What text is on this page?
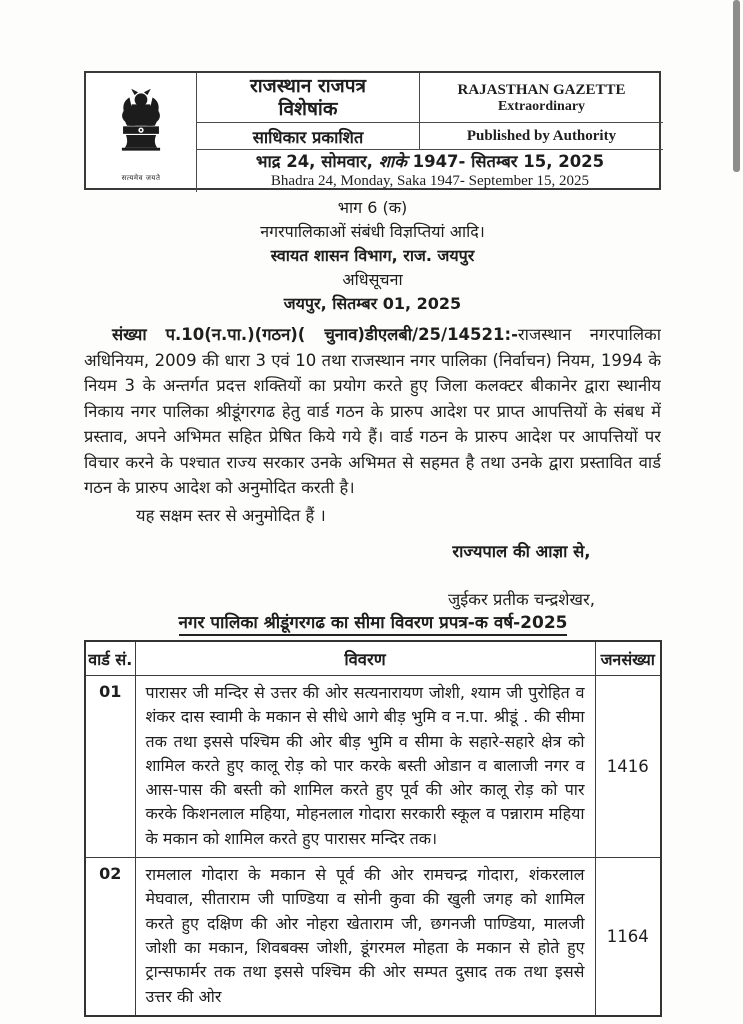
सत्यमेव जयते
राजस्थान राजपत्र
विशेषांक
RAJASTHAN GAZETTE
Extraordinary
साधिकार प्रकाशित	Published by Authority
भाद्र 24, सोमवार, शाके 1947- सितम्बर 15, 2025
Bhadra 24, Monday, Saka 1947- September 15, 2025
भाग 6 (क)
नगरपालिकाओं संबंधी विज्ञप्तियां आदि।
स्वायत शासन विभाग, राज. जयपुर
अधिसूचना
जयपुर, सितम्बर 01, 2025

संख्या प.10(न.पा.)(गठन)( चुनाव)डीएलबी/25/14521:-राजस्थान नगरपालिका अधिनियम, 2009 की धारा 3 एवं 10 तथा राजस्थान नगर पालिका (निर्वाचन) नियम, 1994 के नियम 3 के अन्तर्गत प्रदत्त शक्तियों का प्रयोग करते हुए जिला कलक्टर बीकानेर द्वारा स्थानीय निकाय नगर पालिका श्रीडूंगरगढ हेतु वार्ड गठन के प्रारुप आदेश पर प्राप्त आपत्तियों के संबध में प्रस्ताव, अपने अभिमत सहित प्रेषित किये गये हैं। वार्ड गठन के प्रारुप आदेश पर आपत्तियों पर विचार करने के पश्चात राज्य सरकार उनके अभिमत से सहमत है तथा उनके द्वारा प्रस्तावित वार्ड गठन के प्रारुप आदेश को अनुमोदित करती है।

यह सक्षम स्तर से अनुमोदित हैं ।
राज्यपाल की आज्ञा से,
जुईकर प्रतीक चन्द्रशेखर,
नगर पालिका श्रीडूंगरगढ का सीमा विवरण प्रपत्र-क वर्ष-2025
वार्ड सं.	विवरण	जनसंख्या
01	पारासर जी मन्दिर से उत्तर की ओर सत्यनारायण जोशी, श्याम जी पुरोहित व शंकर दास स्वामी के मकान से सीधे आगे बीड़ भुमि व न.पा. श्रीडूं . की सीमा तक तथा इससे पश्चिम की ओर बीड़ भुमि व सीमा के सहारे-सहारे क्षेत्र को शामिल करते हुए कालू रोड़ को पार करके बस्ती ओडान व बालाजी नगर व आस-पास की बस्ती को शामिल करते हुए पूर्व की ओर कालू रोड़ को पार करके किशनलाल महिया, मोहनलाल गोदारा सरकारी स्कूल व पन्नाराम महिया के मकान को शामिल करते हुए पारासर मन्दिर तक।	1416
02	रामलाल गोदारा के मकान से पूर्व की ओर रामचन्द्र गोदारा, शंकरलाल मेघवाल, सीताराम जी पाण्डिया व सोनी कुवा की खुली जगह को शामिल करते हुए दक्षिण की ओर नोहरा खेताराम जी, छगनजी पाण्डिया, मालजी जोशी का मकान, शिवबक्स जोशी, डूंगरमल मोहता के मकान से होते हुए ट्रान्सफार्मर तक तथा इससे पश्चिम की ओर सम्पत दुसाद तक तथा इससे उत्तर की ओर	1164
